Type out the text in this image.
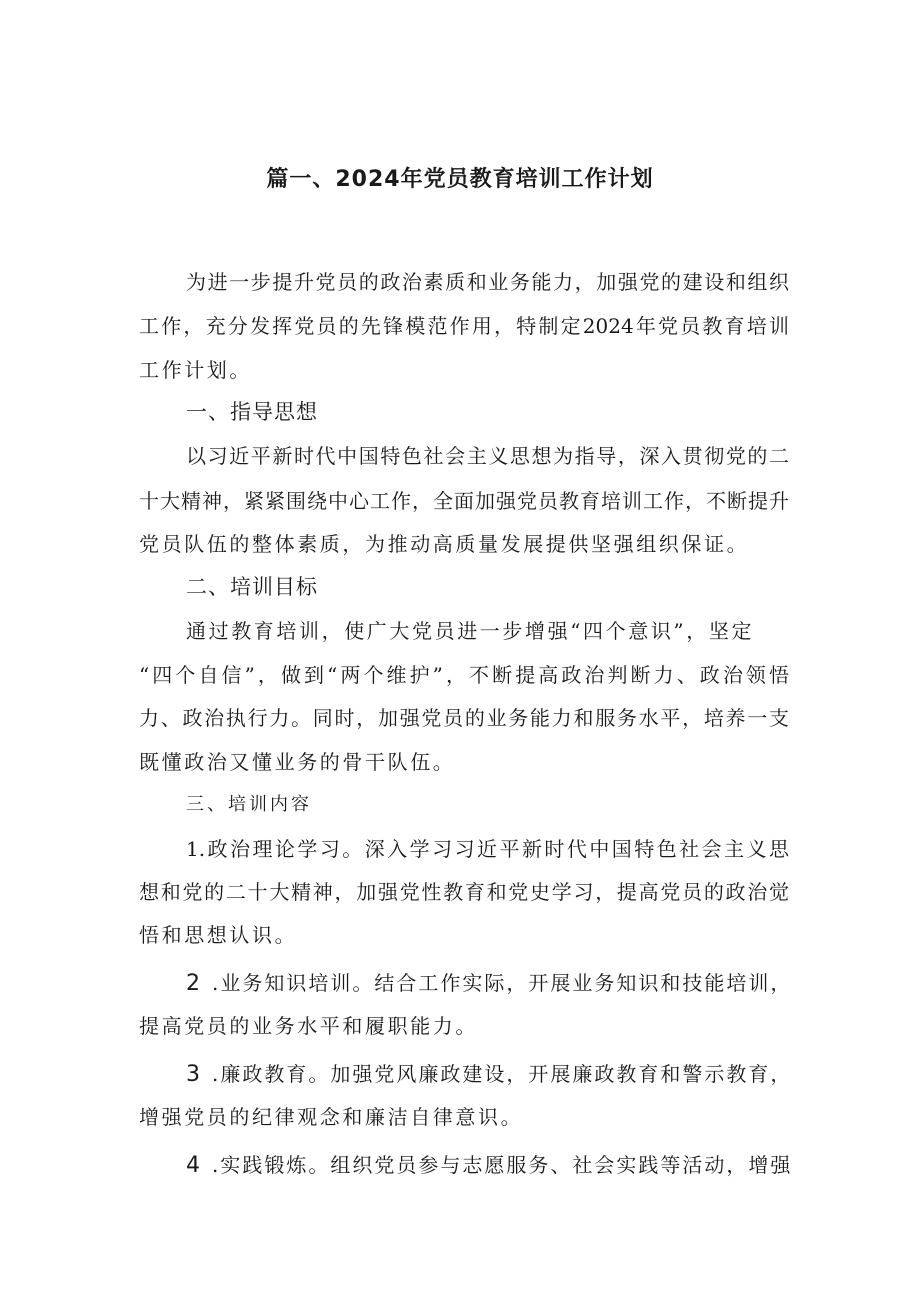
篇一、2024年党员教育培训工作计划
为进一步提升党员的政治素质和业务能力，加强党的建设和组织
工作，充分发挥党员的先锋模范作用，特制定2024年党员教育培训
工作计划。
一、指导思想
以习近平新时代中国特色社会主义思想为指导，深入贯彻党的二
十大精神，紧紧围绕中心工作，全面加强党员教育培训工作，不断提升
党员队伍的整体素质，为推动高质量发展提供坚强组织保证。
二、培训目标
通过教育培训，使广大党员进一步增强“四个意识”，坚定
“四个自信”，做到“两个维护”，不断提高政治判断力、政治领悟
力、政治执行力。同时，加强党员的业务能力和服务水平，培养一支
既懂政治又懂业务的骨干队伍。
三、培训内容
1.政治理论学习。深入学习习近平新时代中国特色社会主义思
想和党的二十大精神，加强党性教育和党史学习，提高党员的政治觉
悟和思想认识。
2 .业务知识培训。结合工作实际，开展业务知识和技能培训，
提高党员的业务水平和履职能力。
3 .廉政教育。加强党风廉政建设，开展廉政教育和警示教育，
增强党员的纪律观念和廉洁自律意识。
4 .实践锻炼。组织党员参与志愿服务、社会实践等活动，增强
